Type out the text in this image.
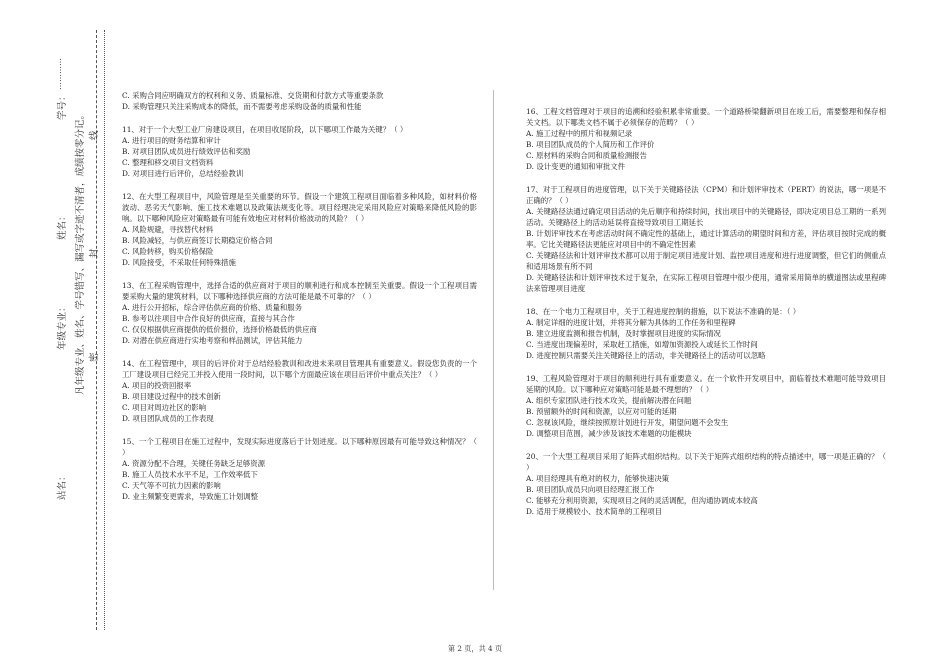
学号：
…………
姓名：
年级专业：
站名：
凡年级专业、姓名、学号错写、漏写或字迹不清者，成绩按零分记。 密
封
线

C. 采购合同应明确双方的权利和义务、质量标准、交货期和付款方式等重要条款

D. 采购管理只关注采购成本的降低，而不需要考虑采购设备的质量和性能

11、对于一个大型工业厂房建设项目，在项目收尾阶段，以下哪项工作最为关键？（ ）

A. 进行项目的财务结算和审计

B. 对项目团队成员进行绩效评估和奖励

C. 整理和移交项目文档资料

D. 对项目进行后评价，总结经验教训

12、在大型工程项目中，风险管理是至关重要的环节。假设一个建筑工程项目面临着多种风险，如材料价格波动、恶劣天气影响、施工技术难题以及政策法规变化等。项目经理决定采用风险应对策略来降低风险的影响。以下哪种风险应对策略最有可能有效地应对材料价格波动的风险？（ ）

A. 风险规避，寻找替代材料

B. 风险减轻，与供应商签订长期稳定价格合同

C. 风险转移，购买价格保险

D. 风险接受，不采取任何特殊措施

13、在工程采购管理中，选择合适的供应商对于项目的顺利进行和成本控制至关重要。假设一个工程项目需要采购大量的建筑材料，以下哪种选择供应商的方法可能是最不可靠的？（ ）

A. 进行公开招标，综合评估供应商的价格、质量和服务

B. 参考以往项目中合作良好的供应商，直接与其合作

C. 仅仅根据供应商提供的低价报价，选择价格最低的供应商

D. 对潜在供应商进行实地考察和样品测试，评估其能力

14、在工程管理中，项目的后评价对于总结经验教训和改进未来项目管理具有重要意义。假设您负责的一个工厂建设项目已经完工并投入使用一段时间，以下哪个方面最应该在项目后评价中重点关注？（ ）

A. 项目的投资回报率

B. 项目建设过程中的技术创新

C. 项目对周边社区的影响

D. 项目团队成员的工作表现

15、一个工程项目在施工过程中，发现实际进度落后于计划进度。以下哪种原因最有可能导致这种情况？（ ）

A. 资源分配不合理，关键任务缺乏足够资源

B. 施工人员技术水平不足，工作效率低下

C. 天气等不可抗力因素的影响

D. 业主频繁变更需求，导致施工计划调整

16、工程文档管理对于项目的追溯和经验积累非常重要。一个道路桥梁翻新项目在竣工后，需要整理和保存相关文档。以下哪类文档不属于必须保存的范畴？（ ）

A. 施工过程中的照片和视频记录

B. 项目团队成员的个人简历和工作评价

C. 原材料的采购合同和质量检测报告

D. 设计变更的通知和审批文件

17、对于工程项目的进度管理，以下关于关键路径法（CPM）和计划评审技术（PERT）的说法，哪一项是不正确的？（ ）

A. 关键路径法通过确定项目活动的先后顺序和持续时间，找出项目中的关键路径，即决定项目总工期的一系列活动。关键路径上的活动延误将直接导致项目工期延长

B. 计划评审技术在考虑活动时间不确定性的基础上，通过计算活动的期望时间和方差，评估项目按时完成的概率。它比关键路径法更能应对项目中的不确定性因素

C. 关键路径法和计划评审技术都可以用于制定项目进度计划、监控项目进度和进行进度调整，但它们的侧重点和适用场景有所不同

D. 关键路径法和计划评审技术过于复杂，在实际工程项目管理中很少使用，通常采用简单的横道图法或里程碑法来管理项目进度

18、在一个电力工程项目中，关于工程进度控制的措施，以下说法不准确的是：（ ）

A. 制定详细的进度计划，并将其分解为具体的工作任务和里程碑

B. 建立进度监测和报告机制，及时掌握项目进度的实际情况

C. 当进度出现偏差时，采取赶工措施，如增加资源投入或延长工作时间

D. 进度控制只需要关注关键路径上的活动，非关键路径上的活动可以忽略

19、工程风险管理对于项目的顺利进行具有重要意义。在一个软件开发项目中，面临着技术难题可能导致项目延期的风险。以下哪种应对策略可能是最不理想的？（ ）

A. 组织专家团队进行技术攻关，提前解决潜在问题

B. 预留额外的时间和资源，以应对可能的延期

C. 忽视该风险，继续按照原计划进行开发，期望问题不会发生

D. 调整项目范围，减少涉及该技术难题的功能模块

20、一个大型工程项目采用了矩阵式组织结构。以下关于矩阵式组织结构的特点描述中，哪一项是正确的？（ ）

A. 项目经理具有绝对的权力，能够快速决策

B. 项目团队成员只向项目经理汇报工作

C. 能够充分利用资源，实现项目之间的灵活调配，但沟通协调成本较高

D. 适用于规模较小、技术简单的工程项目

第 2 页，共 4 页
